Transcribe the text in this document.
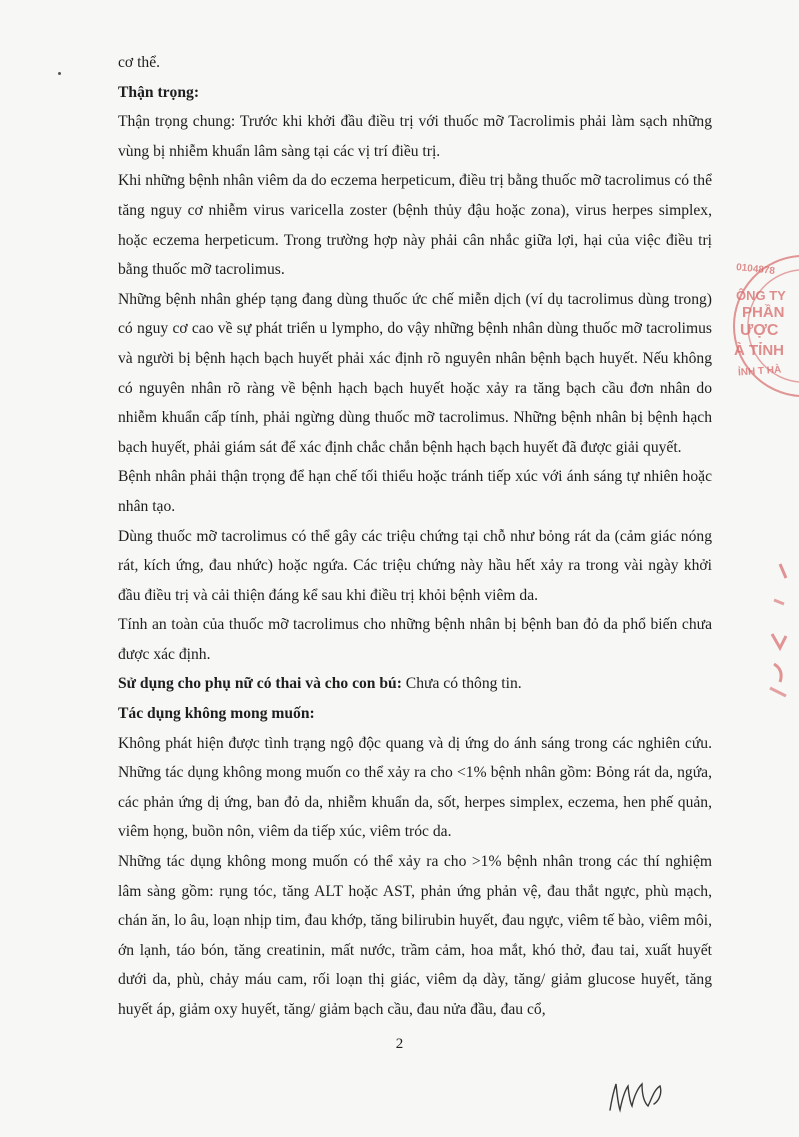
cơ thể.

Thận trọng:

Thận trọng chung: Trước khi khởi đầu điều trị với thuốc mỡ Tacrolimis phải làm sạch những vùng bị nhiễm khuẩn lâm sàng tại các vị trí điều trị.

Khi những bệnh nhân viêm da do eczema herpeticum, điều trị bằng thuốc mỡ tacrolimus có thể tăng nguy cơ nhiễm virus varicella zoster (bệnh thủy đậu hoặc zona), virus herpes simplex, hoặc eczema herpeticum. Trong trường hợp này phải cân nhắc giữa lợi, hại của việc điều trị bằng thuốc mỡ tacrolimus.

Những bệnh nhân ghép tạng đang dùng thuốc ức chế miễn dịch (ví dụ tacrolimus dùng trong) có nguy cơ cao về sự phát triển u lympho, do vậy những bệnh nhân dùng thuốc mỡ tacrolimus và người bị bệnh hạch bạch huyết phải xác định rõ nguyên nhân bệnh bạch huyết. Nếu không có nguyên nhân rõ ràng về bệnh hạch bạch huyết hoặc xảy ra tăng bạch cầu đơn nhân do nhiễm khuẩn cấp tính, phải ngừng dùng thuốc mỡ tacrolimus. Những bệnh nhân bị bệnh hạch bạch huyết, phải giám sát để xác định chắc chắn bệnh hạch bạch huyết đã được giải quyết.

Bệnh nhân phải thận trọng để hạn chế tối thiểu hoặc tránh tiếp xúc với ánh sáng tự nhiên hoặc nhân tạo.

Dùng thuốc mỡ tacrolimus có thể gây các triệu chứng tại chỗ như bỏng rát da (cảm giác nóng rát, kích ứng, đau nhức) hoặc ngứa. Các triệu chứng này hầu hết xảy ra trong vài ngày khởi đầu điều trị và cải thiện đáng kể sau khi điều trị khỏi bệnh viêm da.

Tính an toàn của thuốc mỡ tacrolimus cho những bệnh nhân bị bệnh ban đỏ da phổ biến chưa được xác định.

Sử dụng cho phụ nữ có thai và cho con bú: Chưa có thông tin.

Tác dụng không mong muốn:

Không phát hiện được tình trạng ngộ độc quang và dị ứng do ánh sáng trong các nghiên cứu. Những tác dụng không mong muốn co thể xảy ra cho <1% bệnh nhân gồm: Bỏng rát da, ngứa, các phản ứng dị ứng, ban đỏ da, nhiễm khuẩn da, sốt, herpes simplex, eczema, hen phế quản, viêm họng, buồn nôn, viêm da tiếp xúc, viêm tróc da.

Những tác dụng không mong muốn có thể xảy ra cho >1% bệnh nhân trong các thí nghiệm lâm sàng gồm: rụng tóc, tăng ALT hoặc AST, phản ứng phản vệ, đau thắt ngực, phù mạch, chán ăn, lo âu, loạn nhịp tim, đau khớp, tăng bilirubin huyết, đau ngực, viêm tế bào, viêm môi, ớn lạnh, táo bón, tăng creatinin, mất nước, trầm cảm, hoa mắt, khó thở, đau tai, xuất huyết dưới da, phù, chảy máu cam, rối loạn thị giác, viêm dạ dày, tăng/ giảm glucose huyết, tăng huyết áp, giảm oxy huyết, tăng/ giảm bạch cầu, đau nửa đầu, đau cổ,

2
0104878
ÔNG TY
PHẦN
ƯỢC
À TỈNH
ỈNH T HÀ
